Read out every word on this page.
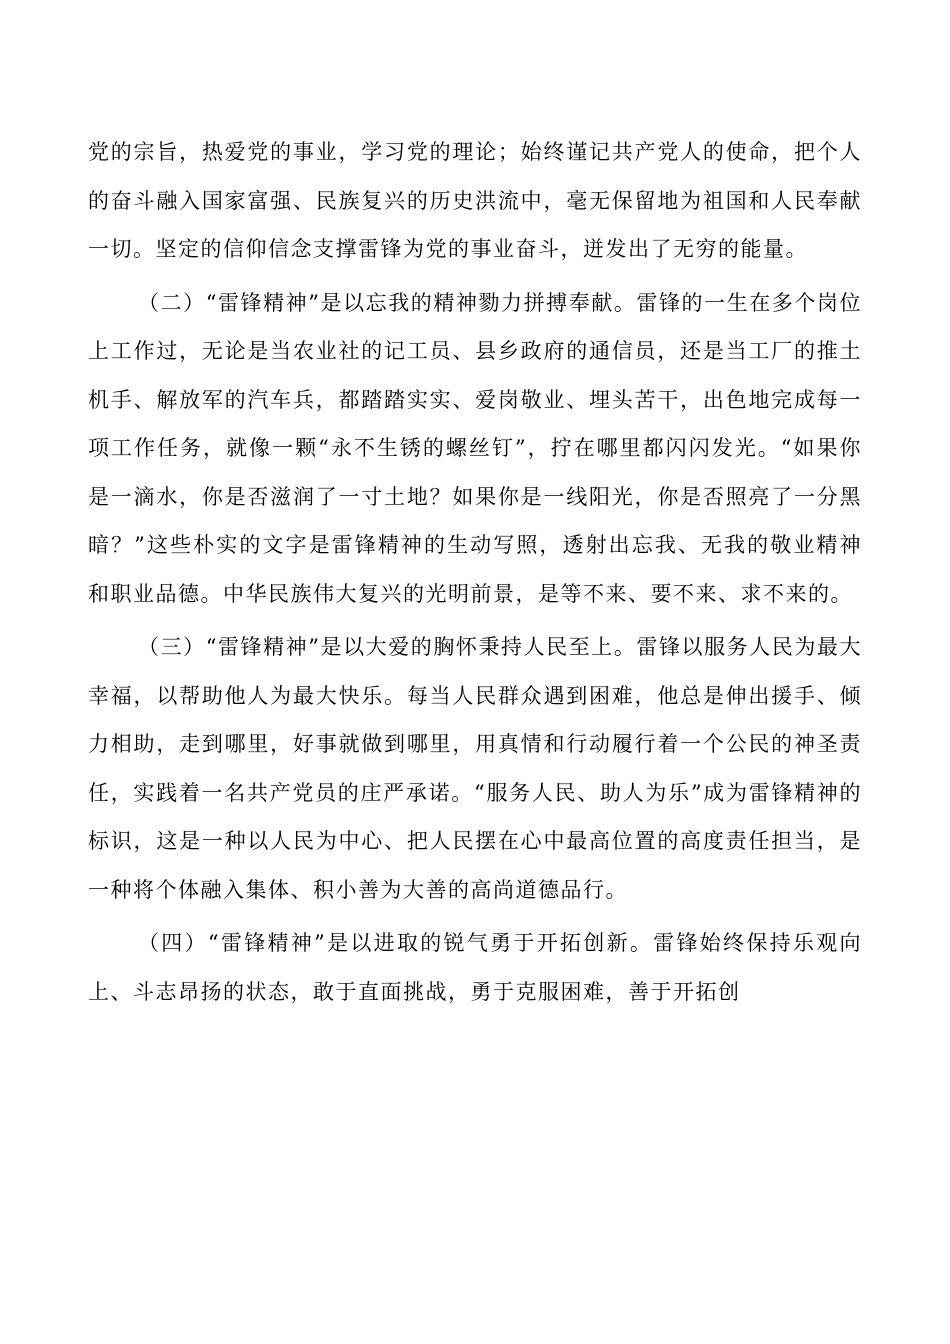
党的宗旨，热爱党的事业，学习党的理论；始终谨记共产党人的使命，把个人的奋斗融入国家富强、民族复兴的历史洪流中，毫无保留地为祖国和人民奉献一切。坚定的信仰信念支撑雷锋为党的事业奋斗，迸发出了无穷的能量。

（二）“雷锋精神”是以忘我的精神勠力拼搏奉献。雷锋的一生在多个岗位上工作过，无论是当农业社的记工员、县乡政府的通信员，还是当工厂的推土机手、解放军的汽车兵，都踏踏实实、爱岗敬业、埋头苦干，出色地完成每一项工作任务，就像一颗“永不生锈的螺丝钉”，拧在哪里都闪闪发光。“如果你是一滴水，你是否滋润了一寸土地？如果你是一线阳光，你是否照亮了一分黑暗？”这些朴实的文字是雷锋精神的生动写照，透射出忘我、无我的敬业精神和职业品德。中华民族伟大复兴的光明前景，是等不来、要不来、求不来的。

（三）“雷锋精神”是以大爱的胸怀秉持人民至上。雷锋以服务人民为最大幸福，以帮助他人为最大快乐。每当人民群众遇到困难，他总是伸出援手、倾力相助，走到哪里，好事就做到哪里，用真情和行动履行着一个公民的神圣责任，实践着一名共产党员的庄严承诺。“服务人民、助人为乐”成为雷锋精神的标识，这是一种以人民为中心、把人民摆在心中最高位置的高度责任担当，是一种将个体融入集体、积小善为大善的高尚道德品行。

（四）“雷锋精神”是以进取的锐气勇于开拓创新。雷锋始终保持乐观向上、斗志昂扬的状态，敢于直面挑战，勇于克服困难，善于开拓创
